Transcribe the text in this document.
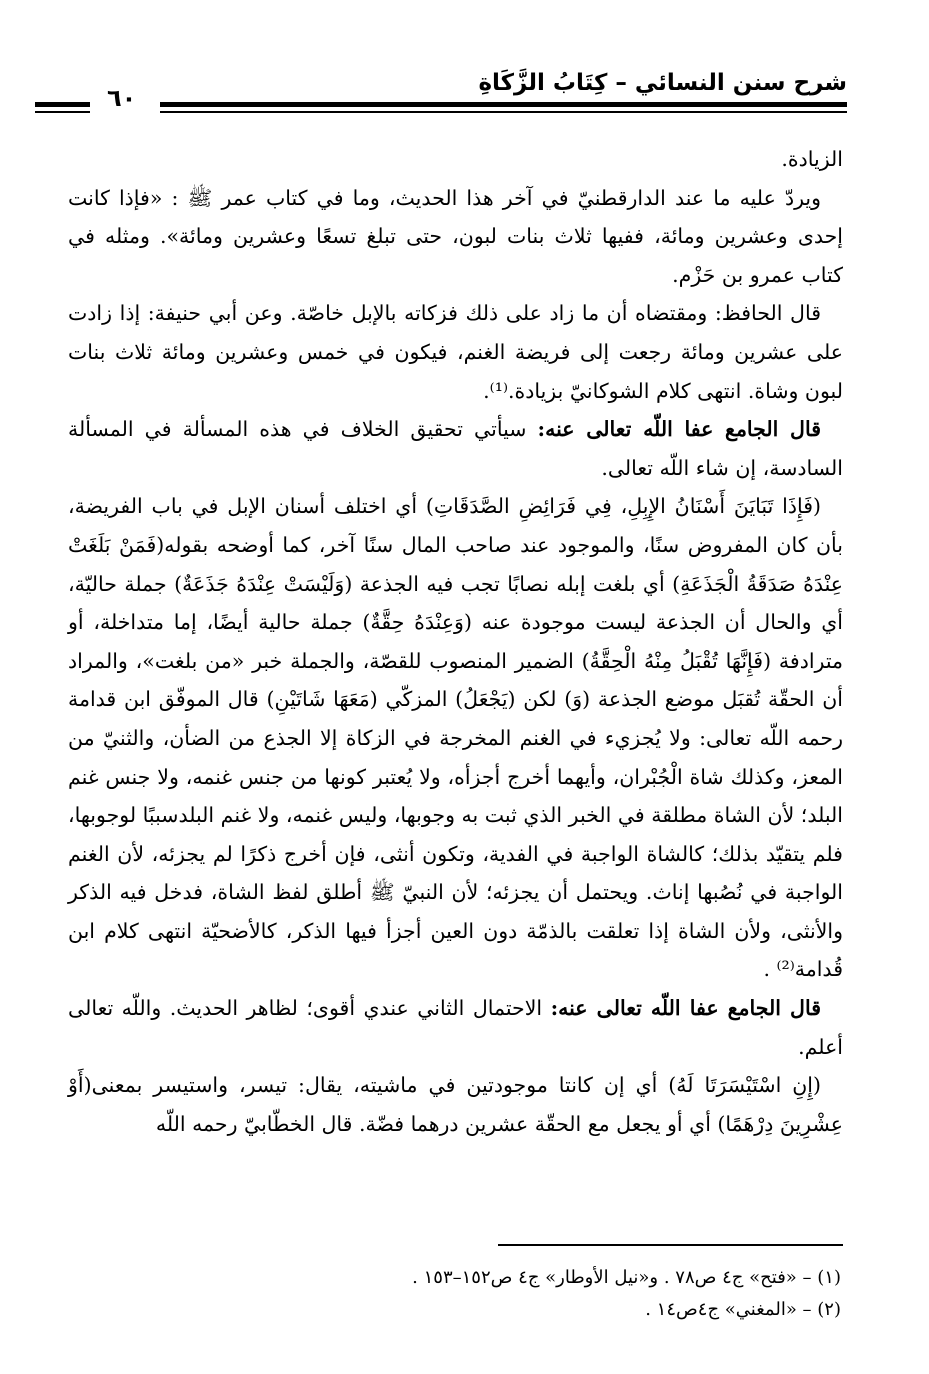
شرح سنن النسائي – كِتَابُ الزَّكَاةِ
٦٠

الزيادة.

ويردّ عليه ما عند الدارقطنيّ في آخر هذا الحديث، وما في كتاب عمر ﷺ : «فإذا كانت إحدى وعشرين ومائة، ففيها ثلاث بنات لبون، حتى تبلغ تسعًا وعشرين ومائة». ومثله في كتاب عمرو بن حَزْم.

قال الحافظ: ومقتضاه أن ما زاد على ذلك فزكاته بالإبل خاصّة. وعن أبي حنيفة: إذا زادت على عشرين ومائة رجعت إلى فريضة الغنم، فيكون في خمس وعشرين ومائة ثلاث بنات لبون وشاة. انتهى كلام الشوكانيّ بزيادة.⁽¹⁾.

قال الجامع عفا اللّه تعالى عنه: سيأتي تحقيق الخلاف في هذه المسألة في المسألة السادسة، إن شاء اللّه تعالى.

(فَإِذَا تَبَايَنَ أَسْنَانُ الإِبِلِ، فِي فَرَائِضِ الصَّدَقَاتِ) أي اختلف أسنان الإبل في باب الفريضة، بأن كان المفروض سنًا، والموجود عند صاحب المال سنًا آخر، كما أوضحه بقوله(فَمَنْ بَلَغَتْ عِنْدَهُ صَدَقَةُ الْجَذَعَةِ) أي بلغت إبله نصابًا تجب فيه الجذعة (وَلَيْسَتْ عِنْدَهُ جَذَعَةٌ) جملة حاليّة، أي والحال أن الجذعة ليست موجودة عنه (وَعِنْدَهُ حِقَّةٌ) جملة حالية أيضًا، إما متداخلة، أو مترادفة (فَإِنَّهَا تُقْبَلُ مِنْهُ الْحِقَّةُ) الضمير المنصوب للقصّة، والجملة خبر «من بلغت»، والمراد أن الحقّة تُقبَل موضع الجذعة (وَ) لكن (يَجْعَلُ) المزكّي (مَعَهَا شَاتَيْنِ) قال الموفّق ابن قدامة رحمه اللّه تعالى: ولا يُجزيء في الغنم المخرجة في الزكاة إلا الجذع من الضأن، والثنيّ من المعز، وكذلك شاة الْجُبْران، وأيهما أخرج أجزأه، ولا يُعتبر كونها من جنس غنمه، ولا جنس غنم البلد؛ لأن الشاة مطلقة في الخبر الذي ثبت به وجوبها، وليس غنمه، ولا غنم البلدسببًا لوجوبها، فلم يتقيّد بذلك؛ كالشاة الواجبة في الفدية، وتكون أنثى، فإن أخرج ذكرًا لم يجزئه، لأن الغنم الواجبة في نُصُبها إناث. ويحتمل أن يجزئه؛ لأن النبيّ ﷺ أطلق لفظ الشاة، فدخل فيه الذكر والأنثى، ولأن الشاة إذا تعلقت بالذمّة دون العين أجزأ فيها الذكر، كالأضحيّة انتهى كلام ابن قُدامة⁽²⁾ .

قال الجامع عفا اللّه تعالى عنه: الاحتمال الثاني عندي أقوى؛ لظاهر الحديث. واللّه تعالى أعلم.

(إِنِ اسْتَيْسَرَتَا لَهُ) أي إن كانتا موجودتين في ماشيته، يقال: تيسر، واستيسر بمعنى(أَوْ عِشْرِينَ دِرْهَمًا) أي أو يجعل مع الحقّة عشرين درهما فضّة. قال الخطّابيّ رحمه اللّه

(١) – «فتح» ج٤ ص٧٨ . و«نيل الأوطار» ج٤ ص١٥٢–١٥٣ .

(٢) – «المغني» ج٤ص١٤ .
